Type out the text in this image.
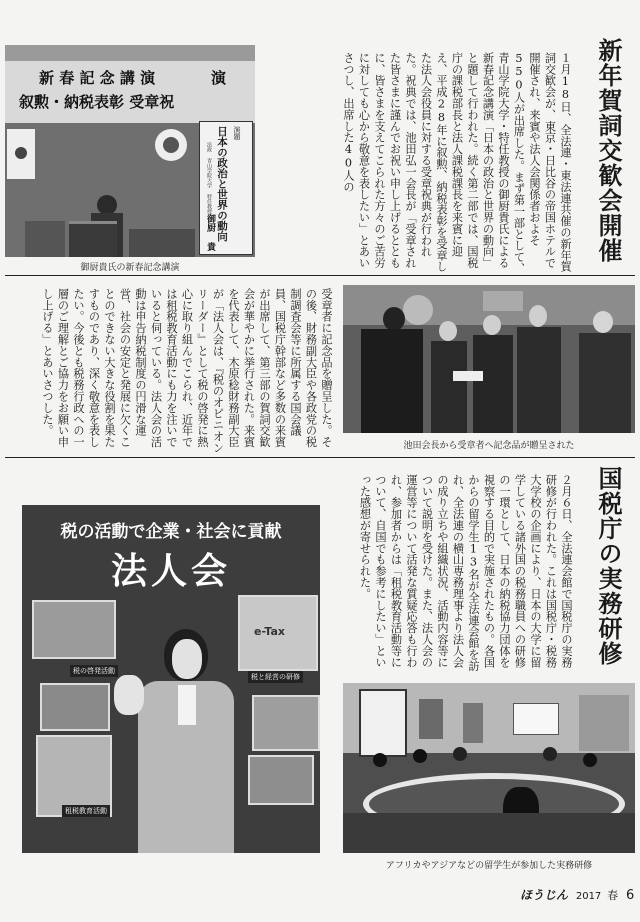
新 春 記 念 講 演
叙勲・納税表彰 受章祝
演
演題
日本の政治と世界の動向
法政 青山学院大学 特任教授
御厨 貴
御厨貴氏の新春記念講演	１月18日、全法連・東法連共催の新年賀詞交歓会が、東京・日比谷の帝国ホテルで開催され、来賓や法人会関係者およそ550人が出席した。まず第一部として、青山学院大学・特任教授の御厨貴氏による新春記念講演「日本の政治と世界の動向」と題して行われた。続く第二部では、国税庁の課税部長と法人課税課長を来賓に迎え、平成28年に叙勲、納税表彰を受章した法人会役員に対する受章祝典が行われた。祝典では、池田弘一会長が「受章された皆さまに謹んでお祝い申し上げるとともに、皆さまを支えてこられた方々のご苦労に対しても心から敬意を表したい」とあいさつし、出席した40人の	新年賀詞交歓会開催
池田会長から受章者へ記念品が贈呈された
受章者に記念品を贈呈した。その後、財務副大臣や各政党の税制調査会等に所属する国会議員、国税庁幹部など多数の来賓が出席して、第三部の賀詞交歓会が華やかに挙行された。来賓を代表して、木原稔財務副大臣が「法人会は、『税のオピニオンリーダー』として税の啓発に熱心に取り組んでこられ、近年では租税教育活動にも力を注いでいると伺っている。法人会の活動は申告納税制度の円滑な運営、社会の安定と発展に欠くことのできない大きな役割を果たすものであり、深く敬意を表したい。今後とも税務行政への一層のご理解とご協力をお願い申し上げる」とあいさつした。
税の活動で企業・社会に貢献
法人会
税の啓発活動
租税教育活動
e-Tax
税と経営の研修
２月６日、全法連会館で国税庁の実務研修が行われた。これは国税庁・税務大学校の企画により、日本の大学に留学している諸外国の税務職員への研修の一環として、日本の納税協力団体を視察する目的で実施されたもの。各国からの留学生13名が全法連会館を訪れ、全法連の横山専務理事より法人会の成り立ちや組織状況、活動内容等について説明を受けた。また、法人会の運営等について活発な質疑応答も行われ、参加者からは「租税教育活動等について、自国でも参考にしたい」といった感想が寄せられた。	国税庁の実務研修
アフリカやアジアなどの留学生が参加した実務研修
ほうじん 2017 春 6
